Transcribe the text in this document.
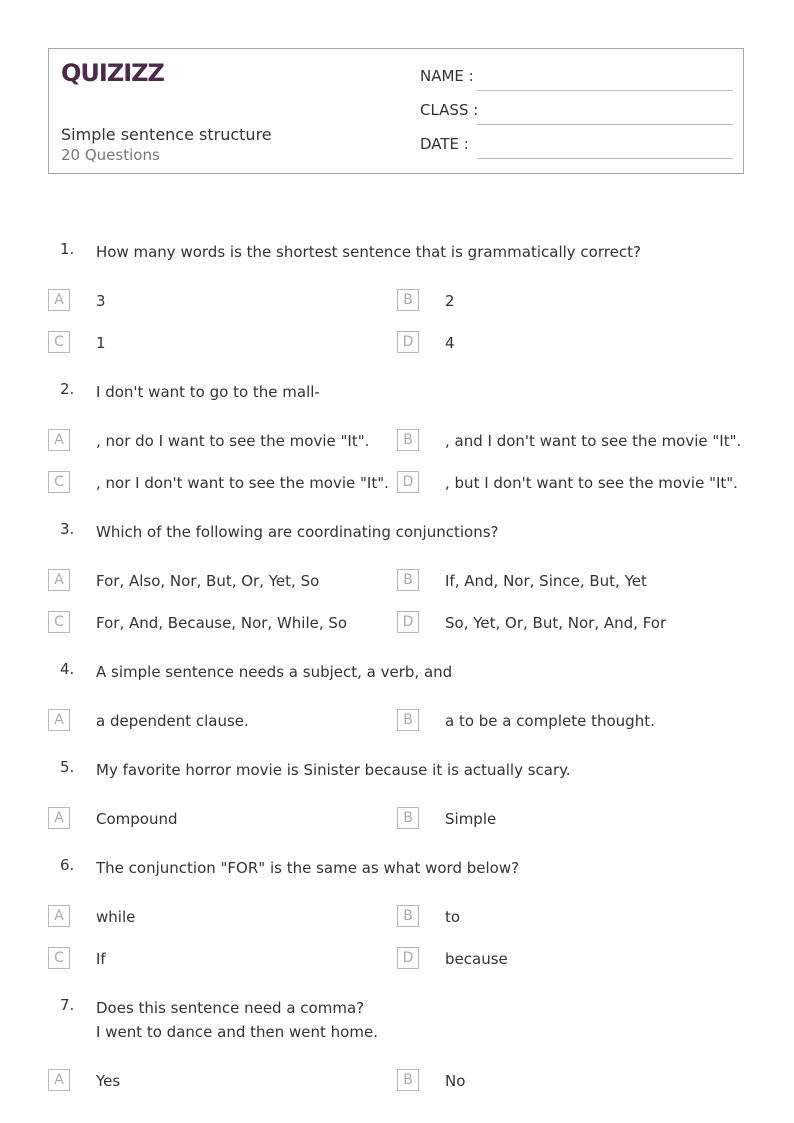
QUIZIZZ
Simple sentence structure
20 Questions
NAME :
CLASS :
DATE :
1. How many words is the shortest sentence that is grammatically correct?
A	3	B	2
C	1	D	4
2. I don't want to go to the mall-
A	, nor do I want to see the movie "It".	B	, and I don't want to see the movie "It".
C	, nor I don't want to see the movie "It". D	, but I don't want to see the movie "It".
3. Which of the following are coordinating conjunctions?
A	For, Also, Nor, But, Or, Yet, So	B	If, And, Nor, Since, But, Yet
C	For, And, Because, Nor, While, So	D	So, Yet, Or, But, Nor, And, For
4. A simple sentence needs a subject, a verb, and
A	a dependent clause.	B	a to be a complete thought.
5. My favorite horror movie is Sinister because it is actually scary.
A	Compound	B	Simple
6. The conjunction "FOR" is the same as what word below?
A	while	B	to
C	If	D	because
7. Does this sentence need a comma?
I went to dance and then went home.
A	Yes	B	No
